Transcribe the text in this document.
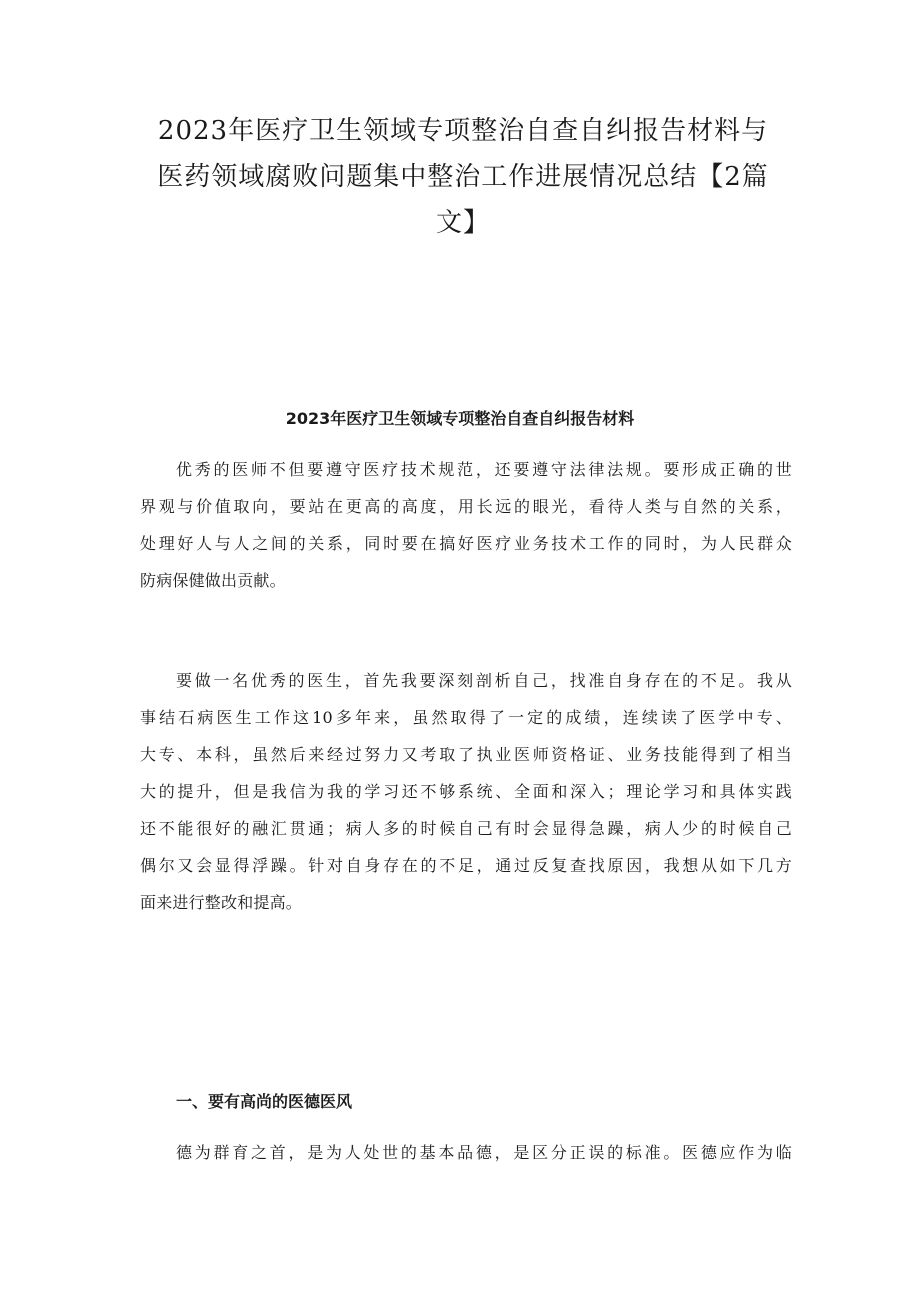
2023年医疗卫生领域专项整治自查自纠报告材料与
医药领域腐败问题集中整治工作进展情况总结【2篇
文】
2023年医疗卫生领域专项整治自查自纠报告材料

优秀的医师不但要遵守医疗技术规范，还要遵守法律法规。要形成正确的世
界观与价值取向，要站在更高的高度，用长远的眼光，看待人类与自然的关系，
处理好人与人之间的关系，同时要在搞好医疗业务技术工作的同时，为人民群众
防病保健做出贡献。

要做一名优秀的医生，首先我要深刻剖析自己，找准自身存在的不足。我从
事结石病医生工作这10多年来，虽然取得了一定的成绩，连续读了医学中专、
大专、本科，虽然后来经过努力又考取了执业医师资格证、业务技能得到了相当
大的提升，但是我信为我的学习还不够系统、全面和深入；理论学习和具体实践
还不能很好的融汇贯通；病人多的时候自己有时会显得急躁，病人少的时候自己
偶尔又会显得浮躁。针对自身存在的不足，通过反复查找原因，我想从如下几方
面来进行整改和提高。

一、要有高尚的医德医风

德为群育之首，是为人处世的基本品德，是区分正误的标准。医德应作为临
